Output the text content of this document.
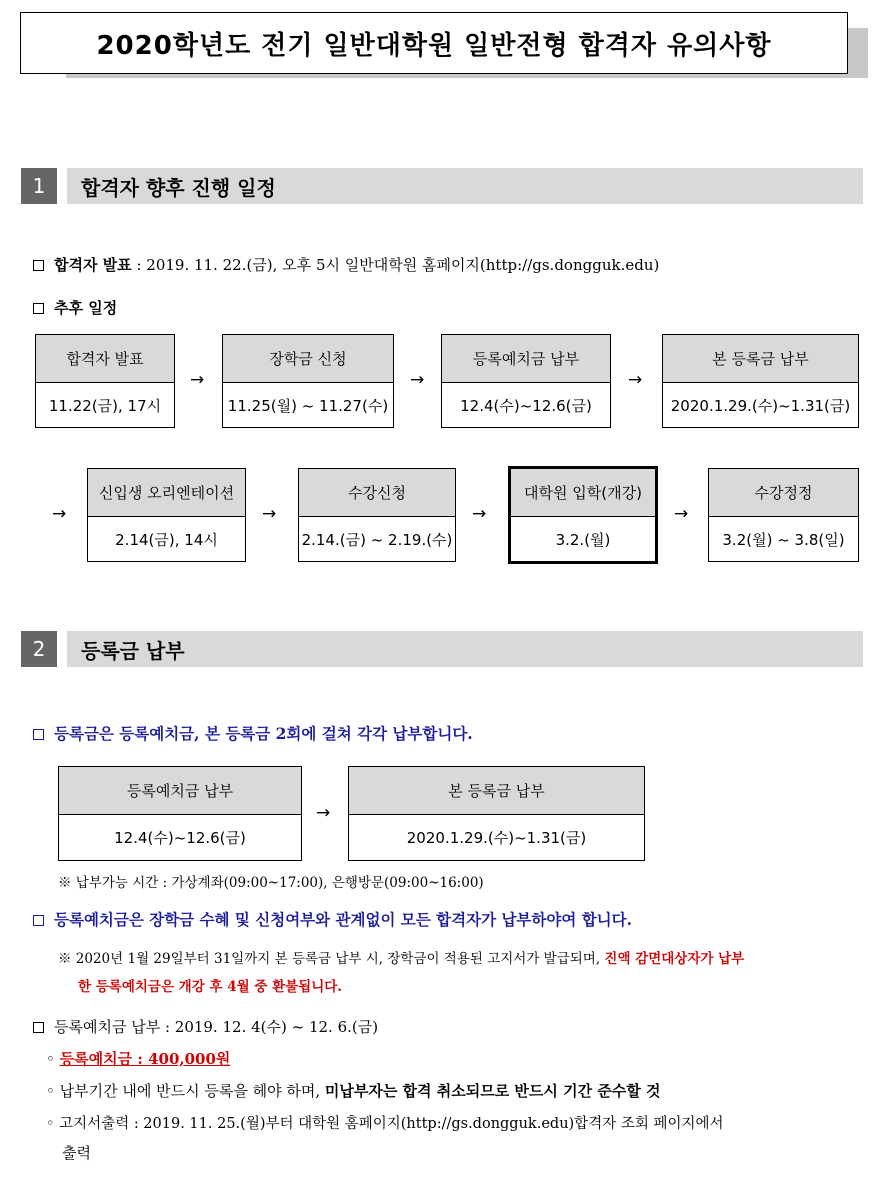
2020학년도 전기 일반대학원 일반전형 합격자 유의사항
1	합격자 향후 진행 일정
합격자 발표 : 2019. 11. 22.(금), 오후 5시 일반대학원 홈페이지(http://gs.dongguk.edu)
추후 일정
합격자 발표
11.22(금), 17시
→
장학금 신청
11.25(월) ~ 11.27(수)
→
등록예치금 납부
12.4(수)~12.6(금)
→
본 등록금 납부
2020.1.29.(수)~1.31(금)
→
신입생 오리엔테이션
2.14(금), 14시
→
수강신청
2.14.(금) ~ 2.19.(수)
→
대학원 입학(개강)
3.2.(월)
→
수강정정
3.2(월) ~ 3.8(일)
2	등록금 납부
등록금은 등록예치금, 본 등록금 2회에 걸쳐 각각 납부합니다.
등록예치금 납부
12.4(수)~12.6(금)
→
본 등록금 납부
2020.1.29.(수)~1.31(금)
※ 납부가능 시간 : 가상계좌(09:00~17:00), 은행방문(09:00~16:00)
등록예치금은 장학금 수혜 및 신청여부와 관계없이 모든 합격자가 납부하야여 합니다.
※ 2020년 1월 29일부터 31일까지 본 등록금 납부 시, 장학금이 적용된 고지서가 발급되며, 진액 감면대상자가 납부
한 등록예치금은 개강 후 4월 중 환불됩니다.
등록예치금 납부 : 2019. 12. 4(수) ~ 12. 6.(금)
◦ 등록예치금 : 400,000원
◦ 납부기간 내에 반드시 등록을 헤야 하며, 미납부자는 합격 취소되므로 반드시 기간 준수할 것
◦ 고지서출력 : 2019. 11. 25.(월)부터 대학원 홈페이지(http://gs.dongguk.edu)합격자 조회 페이지에서
출력
